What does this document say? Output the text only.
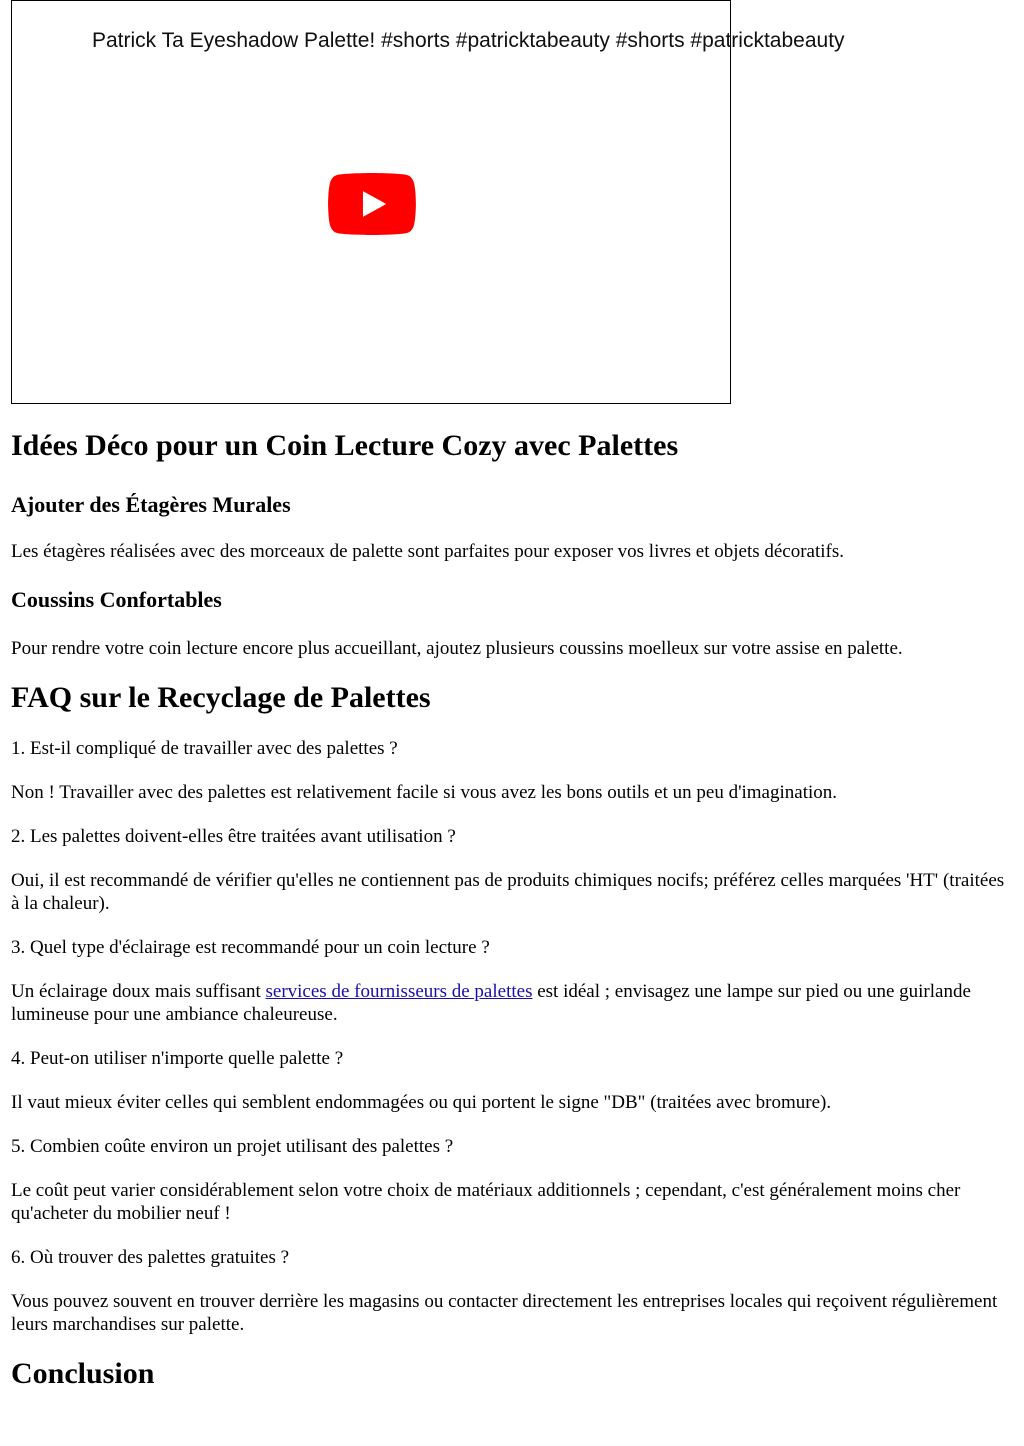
Patrick Ta Eyeshadow Palette! #shorts #patricktabeauty #shorts #patricktabeauty
Idées Déco pour un Coin Lecture Cozy avec Palettes
Ajouter des Étagères Murales

Les étagères réalisées avec des morceaux de palette sont parfaites pour exposer vos livres et objets décoratifs.

Coussins Confortables

Pour rendre votre coin lecture encore plus accueillant, ajoutez plusieurs coussins moelleux sur votre assise en palette.

FAQ sur le Recyclage de Palettes

1. Est-il compliqué de travailler avec des palettes ?

Non ! Travailler avec des palettes est relativement facile si vous avez les bons outils et un peu d'imagination.

2. Les palettes doivent-elles être traitées avant utilisation ?

Oui, il est recommandé de vérifier qu'elles ne contiennent pas de produits chimiques nocifs; préférez celles marquées 'HT' (traitées à la chaleur).

3. Quel type d'éclairage est recommandé pour un coin lecture ?

Un éclairage doux mais suffisant services de fournisseurs de palettes est idéal ; envisagez une lampe sur pied ou une guirlande lumineuse pour une ambiance chaleureuse.

4. Peut-on utiliser n'importe quelle palette ?

Il vaut mieux éviter celles qui semblent endommagées ou qui portent le signe "DB" (traitées avec bromure).

5. Combien coûte environ un projet utilisant des palettes ?

Le coût peut varier considérablement selon votre choix de matériaux additionnels ; cependant, c'est généralement moins cher qu'acheter du mobilier neuf !

6. Où trouver des palettes gratuites ?

Vous pouvez souvent en trouver derrière les magasins ou contacter directement les entreprises locales qui reçoivent régulièrement leurs marchandises sur palette.

Conclusion
